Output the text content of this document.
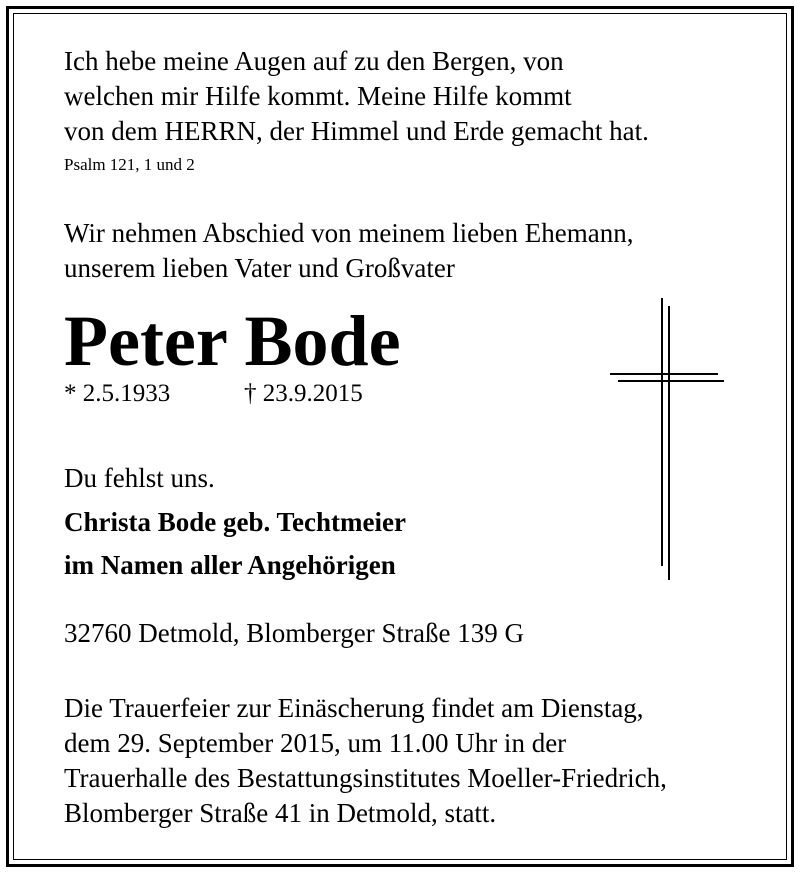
Ich hebe meine Augen auf zu den Bergen, von
welchen mir Hilfe kommt. Meine Hilfe kommt
von dem HERRN, der Himmel und Erde gemacht hat.

Psalm 121, 1 und 2

Wir nehmen Abschied von meinem lieben Ehemann,
unserem lieben Vater und Großvater

Peter Bode

* 2.5.1933	† 23.9.2015

Du fehlst uns.

Christa Bode geb. Techtmeier
im Namen aller Angehörigen

32760 Detmold, Blomberger Straße 139 G

Die Trauerfeier zur Einäscherung findet am Dienstag,
dem 29. September 2015, um 11.00 Uhr in der
Trauerhalle des Bestattungsinstitutes Moeller-Friedrich,
Blomberger Straße 41 in Detmold, statt.
